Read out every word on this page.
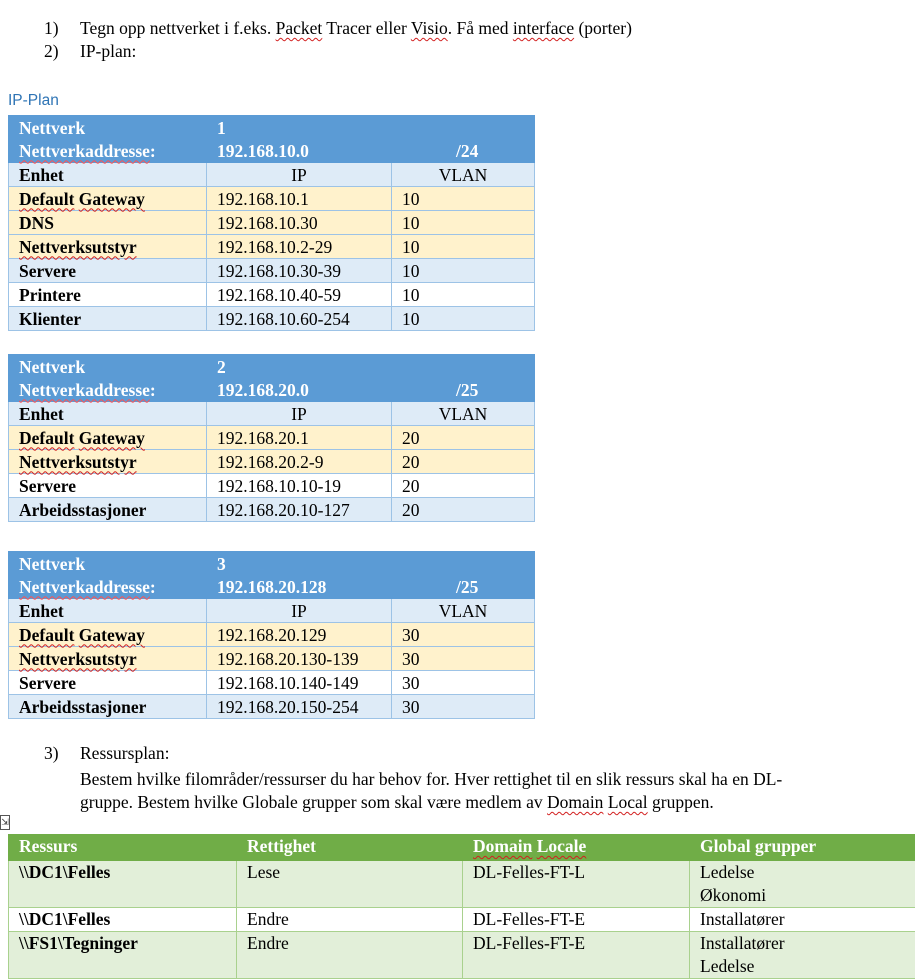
1)	Tegn opp nettverket i f.eks. Packet Tracer eller Visio. Få med interface (porter)
2)	IP-plan:
IP-Plan
Nettverk	1	
Nettverkaddresse:	192.168.10.0	/24
Enhet	IP	VLAN
Default Gateway	192.168.10.1	10
DNS	192.168.10.30	10
Nettverksutstyr	192.168.10.2-29	10
Servere	192.168.10.30-39	10
Printere	192.168.10.40-59	10
Klienter	192.168.10.60-254	10
Nettverk	2	
Nettverkaddresse:	192.168.20.0	/25
Enhet	IP	VLAN
Default Gateway	192.168.20.1	20
Nettverksutstyr	192.168.20.2-9	20
Servere	192.168.10.10-19	20
Arbeidsstasjoner	192.168.20.10-127	20
Nettverk	3	
Nettverkaddresse:	192.168.20.128	/25
Enhet	IP	VLAN
Default Gateway	192.168.20.129	30
Nettverksutstyr	192.168.20.130-139	30
Servere	192.168.10.140-149	30
Arbeidsstasjoner	192.168.20.150-254	30
3)	Ressursplan:
Bestem hvilke filområder/ressurser du har behov for. Hver rettighet til en slik ressurs skal ha en DL-
gruppe. Bestem hvilke Globale grupper som skal være medlem av Domain Local gruppen.
⇲
Ressurs	Rettighet	Domain Locale	Global grupper
\\DC1\Felles	Lese	DL-Felles-FT-L	Ledelse
Økonomi

\\DC1\Felles	Endre	DL-Felles-FT-E	Installatører

\\FS1\Tegninger	Endre	DL-Felles-FT-E	Installatører
Ledelse
